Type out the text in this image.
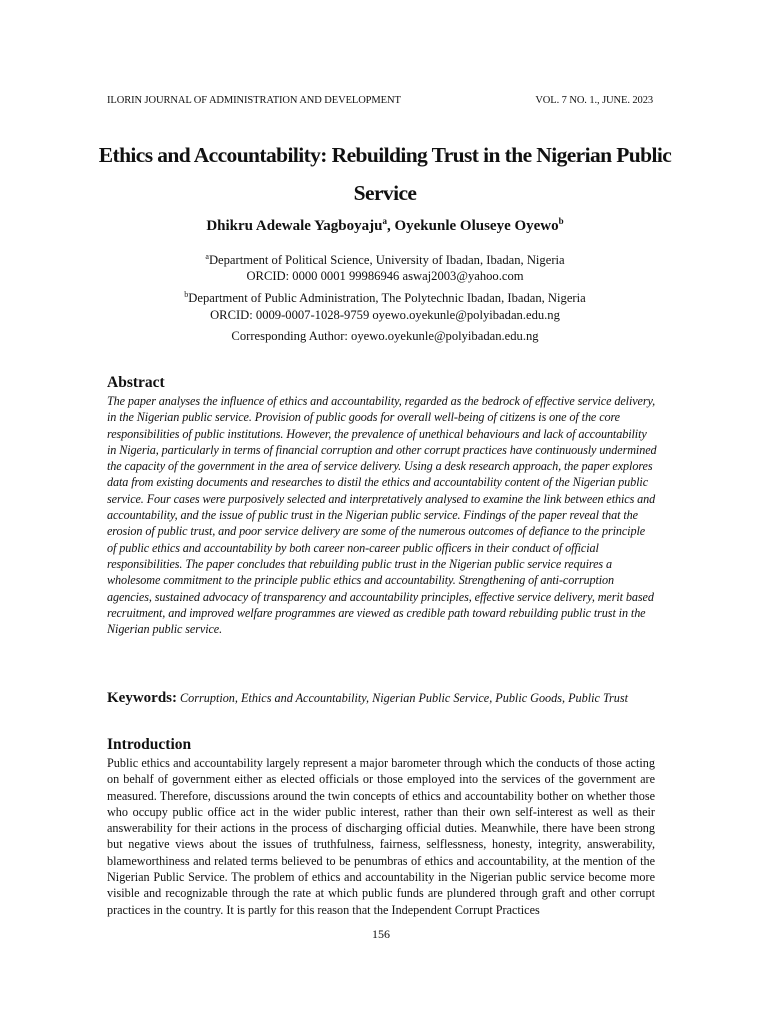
ILORIN JOURNAL OF ADMINISTRATION AND DEVELOPMENT	VOL. 7 NO. 1., JUNE. 2023
Ethics and Accountability: Rebuilding Trust in the Nigerian Public Service
Dhikru Adewale Yagboyaju$^a$, Oyekunle Oluseye Oyewo$^b$
$^a$Department of Political Science, University of Ibadan, Ibadan, Nigeria
ORCID: 0000 0001 99986946 aswaj2003@yahoo.com
$^b$Department of Public Administration, The Polytechnic Ibadan, Ibadan, Nigeria
ORCID: 0009-0007-1028-9759 oyewo.oyekunle@polyibadan.edu.ng
Corresponding Author: oyewo.oyekunle@polyibadan.edu.ng
Abstract

The paper analyses the influence of ethics and accountability, regarded as the bedrock of effective service delivery, in the Nigerian public service. Provision of public goods for overall well-being of citizens is one of the core responsibilities of public institutions. However, the prevalence of unethical behaviours and lack of accountability in Nigeria, particularly in terms of financial corruption and other corrupt practices have continuously undermined the capacity of the government in the area of service delivery. Using a desk research approach, the paper explores data from existing documents and researches to distil the ethics and accountability content of the Nigerian public service. Four cases were purposively selected and interpretatively analysed to examine the link between ethics and accountability, and the issue of public trust in the Nigerian public service. Findings of the paper reveal that the erosion of public trust, and poor service delivery are some of the numerous outcomes of defiance to the principle of public ethics and accountability by both career non-career public officers in their conduct of official responsibilities. The paper concludes that rebuilding public trust in the Nigerian public service requires a wholesome commitment to the principle public ethics and accountability. Strengthening of anti-corruption agencies, sustained advocacy of transparency and accountability principles, effective service delivery, merit based recruitment, and improved welfare programmes are viewed as credible path toward rebuilding public trust in the Nigerian public service.

Keywords: Corruption, Ethics and Accountability, Nigerian Public Service, Public Goods, Public Trust

Introduction

Public ethics and accountability largely represent a major barometer through which the conducts of those acting on behalf of government either as elected officials or those employed into the services of the government are measured. Therefore, discussions around the twin concepts of ethics and accountability bother on whether those who occupy public office act in the wider public interest, rather than their own self-interest as well as their answerability for their actions in the process of discharging official duties. Meanwhile, there have been strong but negative views about the issues of truthfulness, fairness, selflessness, honesty, integrity, answerability, blameworthiness and related terms believed to be penumbras of ethics and accountability, at the mention of the Nigerian Public Service. The problem of ethics and accountability in the Nigerian public service become more visible and recognizable through the rate at which public funds are plundered through graft and other corrupt practices in the country. It is partly for this reason that the Independent Corrupt Practices

156
